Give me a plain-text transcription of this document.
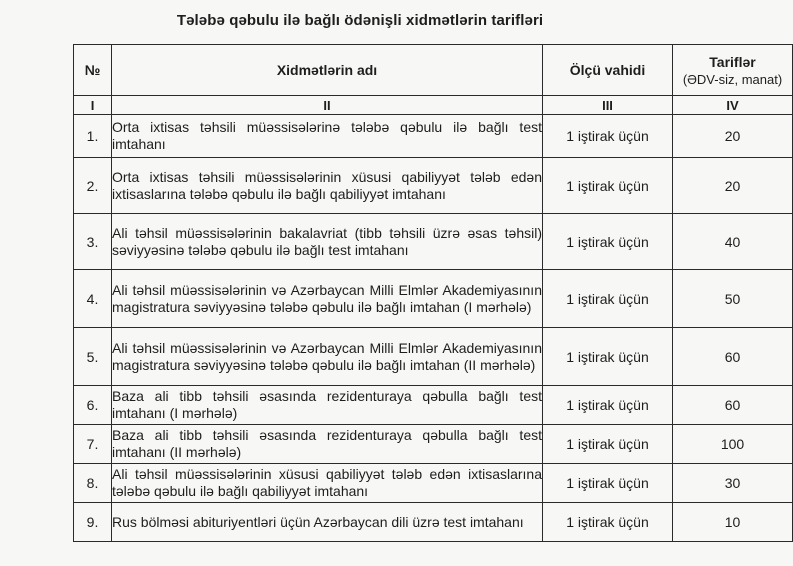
Tələbə qəbulu ilə bağlı ödənişli xidmətlərin tarifləri
№	Xidmətlərin adı	Ölçü vahidi	Tariflər
(ƏDV-siz, manat)

I	II	III	IV
1.	Orta ixtisas təhsili müəssisələrinə tələbə qəbulu ilə bağlı test imtahanı	1 iştirak üçün	20
2.	Orta ixtisas təhsili müəssisələrinin xüsusi qabiliyyət tələb edən ixtisaslarına tələbə qəbulu ilə bağlı qabiliyyət imtahanı	1 iştirak üçün	20
3.	Ali təhsil müəssisələrinin bakalavriat (tibb təhsili üzrə əsas təhsil) səviyyəsinə tələbə qəbulu ilə bağlı test imtahanı	1 iştirak üçün	40
4.	Ali təhsil müəssisələrinin və Azərbaycan Milli Elmlər Akademiyasının magistratura səviyyəsinə tələbə qəbulu ilə bağlı imtahan (I mərhələ)	1 iştirak üçün	50
5.	Ali təhsil müəssisələrinin və Azərbaycan Milli Elmlər Akademiyasının magistratura səviyyəsinə tələbə qəbulu ilə bağlı imtahan (II mərhələ)	1 iştirak üçün	60
6.	Baza ali tibb təhsili əsasında rezidenturaya qəbulla bağlı test imtahanı (I mərhələ)	1 iştirak üçün	60
7.	Baza ali tibb təhsili əsasında rezidenturaya qəbulla bağlı test imtahanı (II mərhələ)	1 iştirak üçün	100
8.	Ali təhsil müəssisələrinin xüsusi qabiliyyət tələb edən ixtisaslarına tələbə qəbulu ilə bağlı qabiliyyət imtahanı	1 iştirak üçün	30
9.	Rus bölməsi abituriyentləri üçün Azərbaycan dili üzrə test imtahanı	1 iştirak üçün	10
